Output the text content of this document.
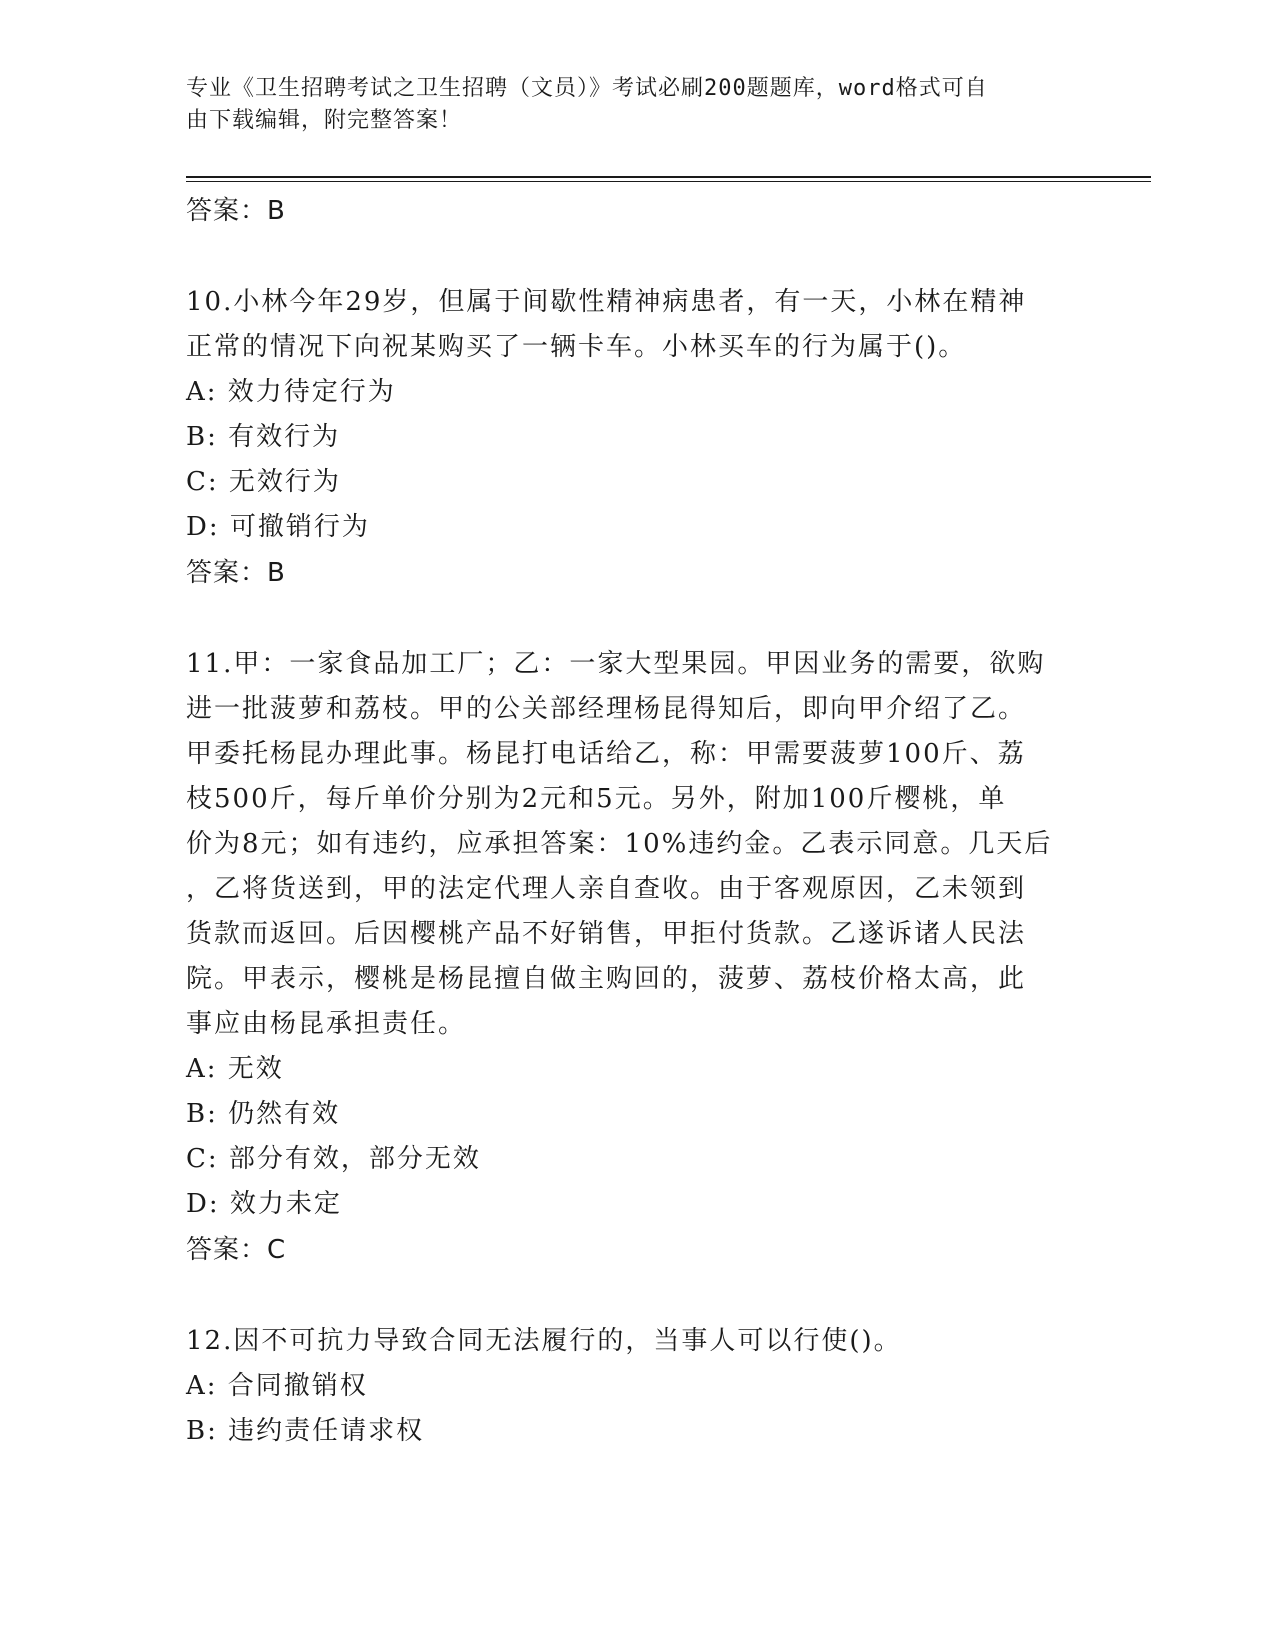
专业《卫生招聘考试之卫生招聘（文员）》考试必刷200题题库，word格式可自
由下载编辑，附完整答案！
答案：B
10.小林今年29岁，但属于间歇性精神病患者，有一天，小林在精神
正常的情况下向祝某购买了一辆卡车。小林买车的行为属于()。
A: 效力待定行为
B: 有效行为
C: 无效行为
D: 可撤销行为
答案：B
11.甲：一家食品加工厂；乙：一家大型果园。甲因业务的需要，欲购
进一批菠萝和荔枝。甲的公关部经理杨昆得知后，即向甲介绍了乙。
甲委托杨昆办理此事。杨昆打电话给乙，称：甲需要菠萝100斤、荔
枝500斤，每斤单价分别为2元和5元。另外，附加100斤樱桃，单
价为8元；如有违约，应承担答案：10%违约金。乙表示同意。几天后
，乙将货送到，甲的法定代理人亲自查收。由于客观原因，乙未领到
货款而返回。后因樱桃产品不好销售，甲拒付货款。乙遂诉诸人民法
院。甲表示，樱桃是杨昆擅自做主购回的，菠萝、荔枝价格太高，此
事应由杨昆承担责任。
A: 无效
B: 仍然有效
C: 部分有效，部分无效
D: 效力未定
答案：C
12.因不可抗力导致合同无法履行的，当事人可以行使()。
A: 合同撤销权
B: 违约责任请求权
